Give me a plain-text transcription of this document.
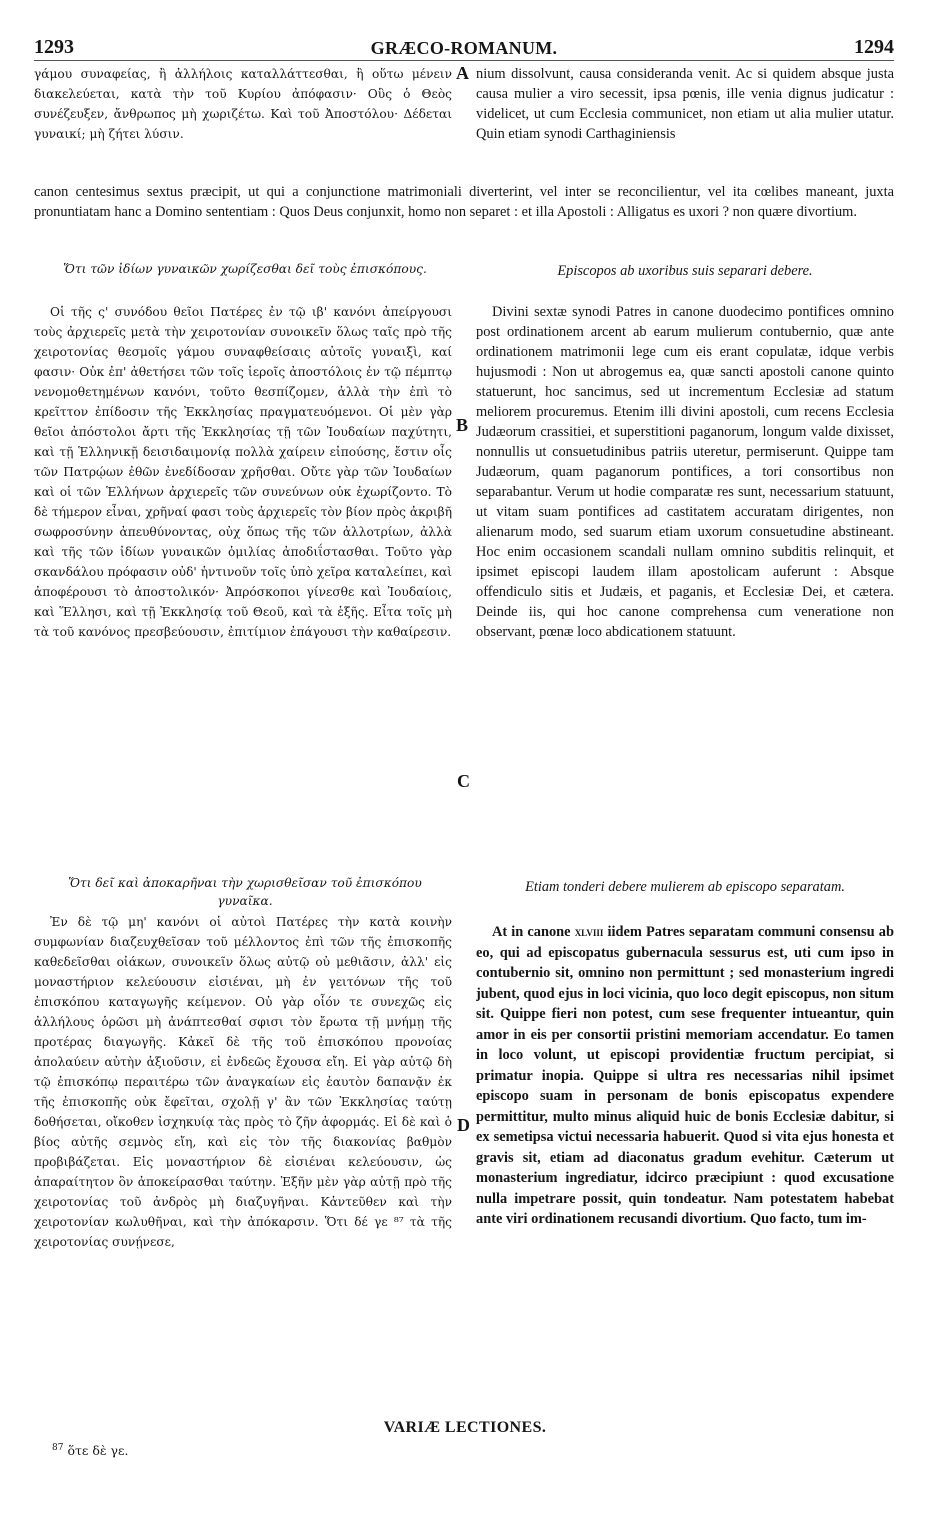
1293	GRÆCO-ROMANUM.	1294
A
B
C
D

γάμου συναφείας, ἢ ἀλλήλοις καταλλάττεσθαι, ἢ οὕτω μένειν διακελεύεται, κατὰ τὴν τοῦ Κυρίου ἀπόφασιν· Οὓς ὁ Θεὸς συνέζευξεν, ἄνθρωπος μὴ χωριζέτω. Καὶ τοῦ Ἀποστόλου· Δέδεται γυναικί; μὴ ζήτει λύσιν.

nium dissolvunt, causa consideranda venit. Ac si quidem absque justa causa mulier a viro secessit, ipsa pœnis, ille venia dignus judicatur : videlicet, ut cum Ecclesia communicet, non etiam ut alia mulier utatur. Quin etiam synodi Carthaginiensis

canon centesimus sextus præcipit, ut qui a conjunctione matrimoniali diverterint, vel inter se reconcilientur, vel ita cœlibes maneant, juxta pronuntiatam hanc a Domino sententiam : Quos Deus conjunxit, homo non separet : et illa Apostoli : Alligatus es uxori ? non quære divortium.

Ὅτι τῶν ἰδίων γυναικῶν χωρίζεσθαι δεῖ τοὺς ἐπισκόπους.	Episcopos ab uxoribus suis separari debere.

Οἱ τῆς ς' συνόδου θεῖοι Πατέρες ἐν τῷ ιβ' κανόνι ἀπείργουσι τοὺς ἀρχιερεῖς μετὰ τὴν χειροτονίαν συνοικεῖν ὅλως ταῖς πρὸ τῆς χειροτονίας θεσμοῖς γάμου συναφθείσαις αὐτοῖς γυναιξὶ, καί φασιν· Οὐκ ἐπ' ἀθετήσει τῶν τοῖς ἱεροῖς ἀποστόλοις ἐν τῷ πέμπτῳ νενομοθετημένων κανόνι, τοῦτο θεσπίζομεν, ἀλλὰ τὴν ἐπὶ τὸ κρεῖττον ἐπίδοσιν τῆς Ἐκκλησίας πραγματευόμενοι. Οἱ μὲν γὰρ θεῖοι ἀπόστολοι ἄρτι τῆς Ἐκκλησίας τῇ τῶν Ἰουδαίων παχύτητι, καὶ τῇ Ἑλληνικῇ δεισιδαιμονίᾳ πολλὰ χαίρειν εἰπούσης, ἔστιν οἷς τῶν Πατρῴων ἐθῶν ἐνεδίδοσαν χρῆσθαι. Οὔτε γὰρ τῶν Ἰουδαίων καὶ οἱ τῶν Ἑλλήνων ἀρχιερεῖς τῶν συνεύνων οὐκ ἐχωρίζοντο. Τὸ δὲ τήμερον εἶναι, χρῆναί φασι τοὺς ἀρχιερεῖς τὸν βίον πρὸς ἀκριβῆ σωφροσύνην ἀπευθύνοντας, οὐχ ὅπως τῆς τῶν ἀλλοτρίων, ἀλλὰ καὶ τῆς τῶν ἰδίων γυναικῶν ὁμιλίας ἀποδιΐστασθαι. Τοῦτο γὰρ σκανδάλου πρόφασιν οὐδ' ἡντινοῦν τοῖς ὑπὸ χεῖρα καταλείπει, καὶ ἀποφέρουσι τὸ ἀποστολικόν· Ἀπρόσκοποι γίνεσθε καὶ Ἰουδαίοις, καὶ Ἕλλησι, καὶ τῇ Ἐκκλησίᾳ τοῦ Θεοῦ, καὶ τὰ ἑξῆς. Εἶτα τοῖς μὴ τὰ τοῦ κανόνος πρεσβεύουσιν, ἐπιτίμιον ἐπάγουσι τὴν καθαίρεσιν.

Divini sextæ synodi Patres in canone duodecimo pontifices omnino post ordinationem arcent ab earum mulierum contubernio, quæ ante ordinationem matrimonii lege cum eis erant copulatæ, idque verbis hujusmodi : Non ut abrogemus ea, quæ sancti apostoli canone quinto statuerunt, hoc sancimus, sed ut incrementum Ecclesiæ ad statum meliorem procuremus. Etenim illi divini apostoli, cum recens Ecclesia Judæorum crassitiei, et superstitioni paganorum, longum valde dixisset, nonnullis ut consuetudinibus patriis uteretur, permiserunt. Quippe tam Judæorum, quam paganorum pontifices, a tori consortibus non separabantur. Verum ut hodie comparatæ res sunt, necessarium statuunt, ut vitam suam pontifices ad castitatem accuratam dirigentes, non alienarum modo, sed suarum etiam uxorum consuetudine abstineant. Hoc enim occasionem scandali nullam omnino subditis relinquit, et ipsimet episcopi laudem illam apostolicam auferunt : Absque offendiculo sitis et Judæis, et paganis, et Ecclesiæ Dei, et cætera. Deinde iis, qui hoc canone comprehensa cum veneratione non observant, pœnæ loco abdicationem statuunt.

Ὅτι δεῖ καὶ ἀποκαρῆναι τὴν χωρισθεῖσαν τοῦ ἐπισκόπου γυναῖκα.

Etiam tonderi debere mulierem ab episcopo separatam.

Ἐν δὲ τῷ μη' κανόνι οἱ αὐτοὶ Πατέρες τὴν κατὰ κοινὴν συμφωνίαν διαζευχθεῖσαν τοῦ μέλλοντος ἐπὶ τῶν τῆς ἐπισκοπῆς καθεδεῖσθαι οἰάκων, συνοικεῖν ὅλως αὐτῷ οὐ μεθιᾶσιν, ἀλλ' εἰς μοναστήριον κελεύουσιν εἰσιέναι, μὴ ἐν γειτόνων τῆς τοῦ ἐπισκόπου καταγωγῆς κείμενον. Οὐ γὰρ οἷόν τε συνεχῶς εἰς ἀλλήλους ὁρῶσι μὴ ἀνάπτεσθαί σφισι τὸν ἔρωτα τῇ μνήμῃ τῆς προτέρας διαγωγῆς. Κἀκεῖ δὲ τῆς τοῦ ἐπισκόπου προνοίας ἀπολαύειν αὐτὴν ἀξιοῦσιν, εἰ ἐνδεῶς ἔχουσα εἴη. Εἰ γὰρ αὐτῷ δὴ τῷ ἐπισκόπῳ περαιτέρω τῶν ἀναγκαίων εἰς ἑαυτὸν δαπανᾷν ἐκ τῆς ἐπισκοπῆς οὐκ ἔφεῖται, σχολῇ γ' ἂν τῶν Ἐκκλησίας ταύτῃ δοθήσεται, οἴκοθεν ἰσχηκυίᾳ τὰς πρὸς τὸ ζῆν ἀφορμάς. Εἰ δὲ καὶ ὁ βίος αὐτῆς σεμνὸς εἴη, καὶ εἰς τὸν τῆς διακονίας βαθμὸν προβιβάζεται. Εἰς μοναστήριον δὲ εἰσιέναι κελεύουσιν, ὡς ἀπαραίτητον ὂν ἀποκείρασθαι ταύτην. Ἐξῆν μὲν γὰρ αὐτῇ πρὸ τῆς χειροτονίας τοῦ ἀνδρὸς μὴ διαζυγῆναι. Κἀντεῦθεν καὶ τὴν χειροτονίαν κωλυθῆναι, καὶ τὴν ἀπόκαρσιν. Ὅτι δέ γε ⁸⁷ τὰ τῆς χειροτονίας συνῄνεσε,

At in canone xlviii iidem Patres separatam communi consensu ab eo, qui ad episcopatus gubernacula sessurus est, uti cum ipso in contubernio sit, omnino non permittunt ; sed monasterium ingredi jubent, quod ejus in loci vicinia, quo loco degit episcopus, non situm sit. Quippe fieri non potest, cum sese frequenter intueantur, quin amor in eis per consortii pristini memoriam accendatur. Eo tamen in loco volunt, ut episcopi providentiæ fructum percipiat, si primatur inopia. Quippe si ultra res necessarias nihil ipsimet episcopo suam in personam de bonis episcopatus expendere permittitur, multo minus aliquid huic de bonis Ecclesiæ dabitur, si ex semetipsa victui necessaria habuerit. Quod si vita ejus honesta et gravis sit, etiam ad diaconatus gradum evehitur. Cæterum ut monasterium ingrediatur, idcirco præcipiunt : quod excusatione nulla impetrare possit, quin tondeatur. Nam potestatem habebat ante viri ordinationem recusandi divortium. Quo facto, tum im-

VARIÆ LECTIONES.
$^{87}$ ὅτε δὲ γε.
